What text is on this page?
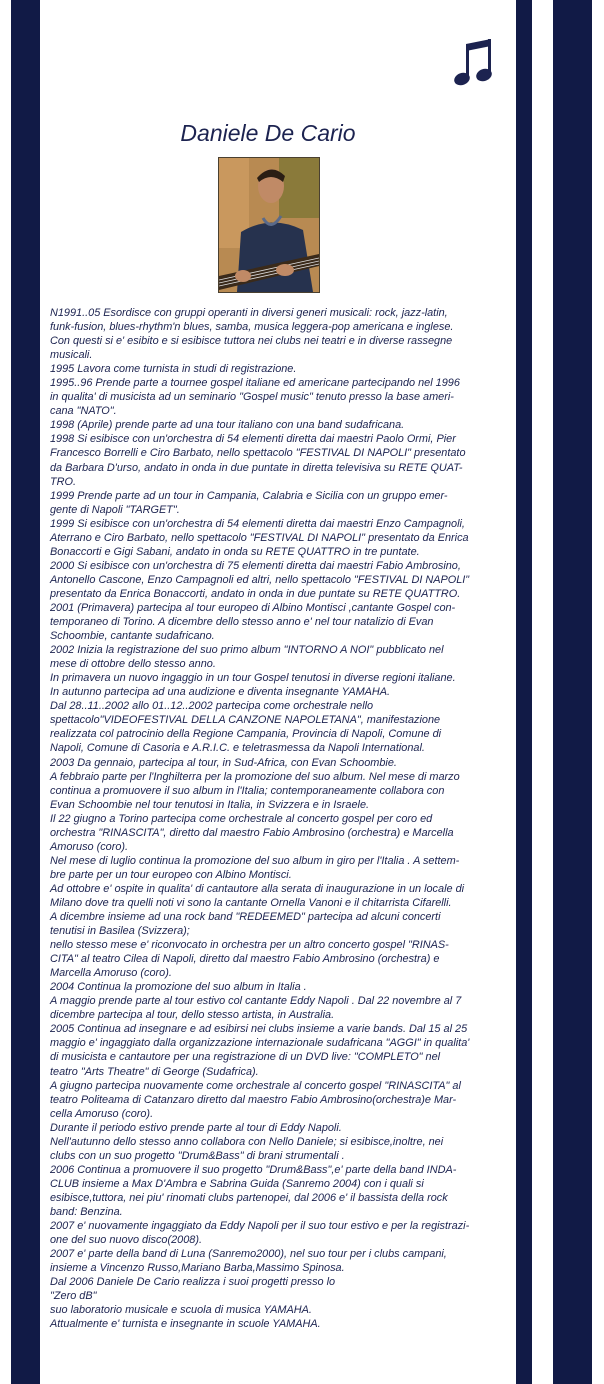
Daniele De Cario
N1991..05 Esordisce con gruppi operanti in diversi generi musicali: rock, jazz-latin,
funk-fusion, blues-rhythm'n blues, samba, musica leggera-pop americana e inglese.
Con questi si e' esibito e si esibisce tuttora nei clubs nei teatri e in diverse rassegne
musicali.
1995 Lavora come turnista in studi di registrazione.
1995..96 Prende parte a tournee gospel italiane ed americane partecipando nel 1996
in qualita' di musicista ad un seminario "Gospel music" tenuto presso la base ameri-
cana "NATO".
1998 (Aprile) prende parte ad una tour italiano con una band sudafricana.
1998 Si esibisce con un'orchestra di 54 elementi diretta dai maestri Paolo Ormi, Pier
Francesco Borrelli e Ciro Barbato, nello spettacolo "FESTIVAL DI NAPOLI" presentato
da Barbara D'urso, andato in onda in due puntate in diretta televisiva su RETE QUAT-
TRO.
1999 Prende parte ad un tour in Campania, Calabria e Sicilia con un gruppo emer-
gente di Napoli "TARGET".
1999 Si esibisce con un'orchestra di 54 elementi diretta dai maestri Enzo Campagnoli,
Aterrano e Ciro Barbato, nello spettacolo "FESTIVAL DI NAPOLI" presentato da Enrica
Bonaccorti e Gigi Sabani, andato in onda su RETE QUATTRO in tre puntate.
2000 Si esibisce con un'orchestra di 75 elementi diretta dai maestri Fabio Ambrosino,
Antonello Cascone, Enzo Campagnoli ed altri, nello spettacolo "FESTIVAL DI NAPOLI"
presentato da Enrica Bonaccorti, andato in onda in due puntate su RETE QUATTRO.
2001 (Primavera) partecipa al tour europeo di Albino Montisci ,cantante Gospel con-
temporaneo di Torino. A dicembre dello stesso anno e' nel tour natalizio di Evan
Schoombie, cantante sudafricano.
2002 Inizia la registrazione del suo primo album "INTORNO A NOI" pubblicato nel
mese di ottobre dello stesso anno.
In primavera un nuovo ingaggio in un tour Gospel tenutosi in diverse regioni italiane.
In autunno partecipa ad una audizione e diventa insegnante YAMAHA.
Dal 28..11..2002 allo 01..12..2002 partecipa come orchestrale nello
spettacolo"VIDEOFESTIVAL DELLA CANZONE NAPOLETANA", manifestazione
realizzata col patrocinio della Regione Campania, Provincia di Napoli, Comune di
Napoli, Comune di Casoria e A.R.I.C. e teletrasmessa da Napoli International.
2003 Da gennaio, partecipa al tour, in Sud-Africa, con Evan Schoombie.
A febbraio parte per l'Inghilterra per la promozione del suo album. Nel mese di marzo
continua a promuovere il suo album in l'Italia; contemporaneamente collabora con
Evan Schoombie nel tour tenutosi in Italia, in Svizzera e in Israele.
Il 22 giugno a Torino partecipa come orchestrale al concerto gospel per coro ed
orchestra "RINASCITA", diretto dal maestro Fabio Ambrosino (orchestra) e Marcella
Amoruso (coro).
Nel mese di luglio continua la promozione del suo album in giro per l'Italia . A settem-
bre parte per un tour europeo con Albino Montisci.
Ad ottobre e' ospite in qualita' di cantautore alla serata di inaugurazione in un locale di
Milano dove tra quelli noti vi sono la cantante Ornella Vanoni e il chitarrista Cifarelli.
A dicembre insieme ad una rock band "REDEEMED" partecipa ad alcuni concerti
tenutisi in Basilea (Svizzera);
nello stesso mese e' riconvocato in orchestra per un altro concerto gospel "RINAS-
CITA" al teatro Cilea di Napoli, diretto dal maestro Fabio Ambrosino (orchestra) e
Marcella Amoruso (coro).
2004 Continua la promozione del suo album in Italia .
A maggio prende parte al tour estivo col cantante Eddy Napoli . Dal 22 novembre al 7
dicembre partecipa al tour, dello stesso artista, in Australia.
2005 Continua ad insegnare e ad esibirsi nei clubs insieme a varie bands. Dal 15 al 25
maggio e' ingaggiato dalla organizzazione internazionale sudafricana "AGGI" in qualita'
di musicista e cantautore per una registrazione di un DVD live: "COMPLETO" nel
teatro "Arts Theatre" di George (Sudafrica).
A giugno partecipa nuovamente come orchestrale al concerto gospel "RINASCITA" al
teatro Politeama di Catanzaro diretto dal maestro Fabio Ambrosino(orchestra)e Mar-
cella Amoruso (coro).
Durante il periodo estivo prende parte al tour di Eddy Napoli.
Nell'autunno dello stesso anno collabora con Nello Daniele; si esibisce,inoltre, nei
clubs con un suo progetto "Drum&Bass" di brani strumentali .
2006 Continua a promuovere il suo progetto "Drum&Bass",e' parte della band INDA-
CLUB insieme a Max D'Ambra e Sabrina Guida (Sanremo 2004) con i quali si
esibisce,tuttora, nei piu' rinomati clubs partenopei, dal 2006 e' il bassista della rock
band: Benzina.
2007 e' nuovamente ingaggiato da Eddy Napoli per il suo tour estivo e per la registrazi-
one del suo nuovo disco(2008).
2007 e' parte della band di Luna (Sanremo2000), nel suo tour per i clubs campani,
insieme a Vincenzo Russo,Mariano Barba,Massimo Spinosa.
Dal 2006 Daniele De Cario realizza i suoi progetti presso lo
"Zero dB"
suo laboratorio musicale e scuola di musica YAMAHA.
Attualmente e' turnista e insegnante in scuole YAMAHA.
